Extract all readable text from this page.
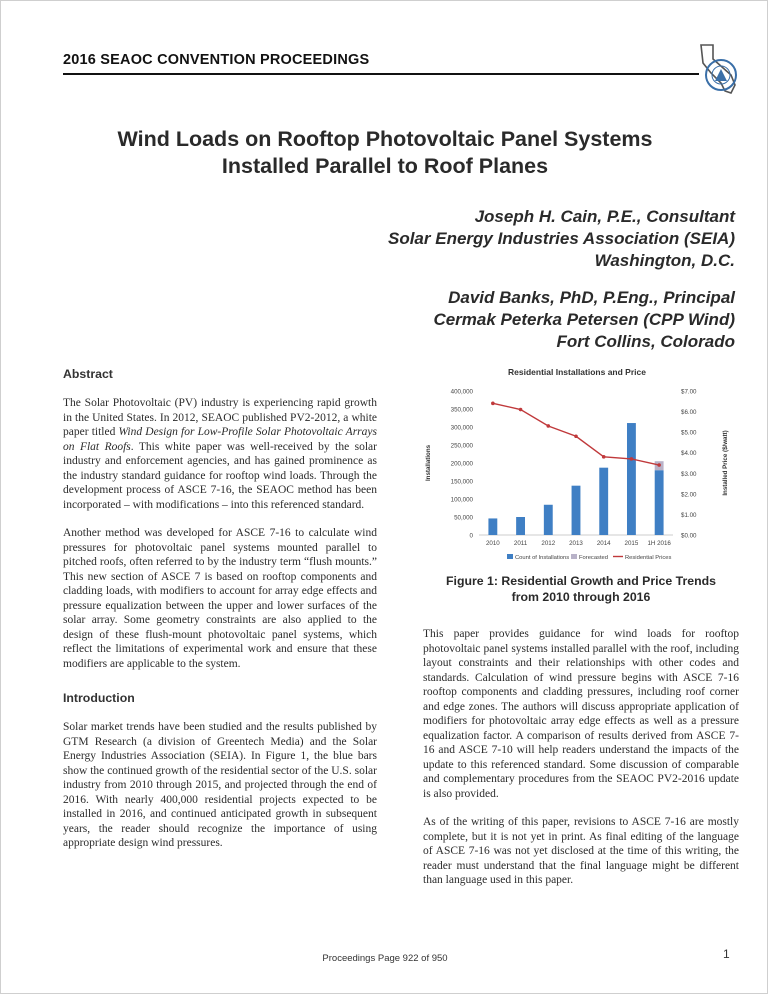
2016 SEAOC CONVENTION PROCEEDINGS
Wind Loads on Rooftop Photovoltaic Panel Systems
Installed Parallel to Roof Planes
Joseph H. Cain, P.E., Consultant
Solar Energy Industries Association (SEIA)
Washington, D.C.
David Banks, PhD, P.Eng., Principal
Cermak Peterka Petersen (CPP Wind)
Fort Collins, Colorado
Abstract

The Solar Photovoltaic (PV) industry is experiencing rapid growth in the United States. In 2012, SEAOC published PV2-2012, a white paper titled Wind Design for Low-Profile Solar Photovoltaic Arrays on Flat Roofs. This white paper was well-received by the solar industry and enforcement agencies, and has gained prominence as the industry standard guidance for rooftop wind loads. Through the development process of ASCE 7-16, the SEAOC method has been incorporated – with modifications – into this referenced standard.

Another method was developed for ASCE 7-16 to calculate wind pressures for photovoltaic panel systems mounted parallel to pitched roofs, often referred to by the industry term “flush mounts.” This new section of ASCE 7 is based on rooftop components and cladding loads, with modifiers to account for array edge effects and pressure equalization between the upper and lower surfaces of the solar array. Some geometry constraints are also applied to the design of these flush-mount photovoltaic panel systems, which reflect the limitations of experimental work and ensure that these modifiers are applicable to the system.

Introduction

Solar market trends have been studied and the results published by GTM Research (a division of Greentech Media) and the Solar Energy Industries Association (SEIA). In Figure 1, the blue bars show the continued growth of the residential sector of the U.S. solar industry from 2010 through 2015, and projected through the end of 2016. With nearly 400,000 residential projects expected to be installed in 2016, and continued anticipated growth in subsequent years, the reader should recognize the importance of using appropriate design wind pressures.

Residential Installations and Price
0
50,000
100,000
150,000
200,000
250,000
300,000
350,000
400,000
$0.00
$1.00
$2.00
$3.00
$4.00
$5.00
$6.00
$7.00
Installations	Installed Price ($/watt)
2010 2011 2012 2013 2014 2015 1H 2016
Count of Installations Forecasted	Residential Prices
Figure 1: Residential Growth and Price Trends
from 2010 through 2016

This paper provides guidance for wind loads for rooftop photovoltaic panel systems installed parallel with the roof, including layout constraints and their relationships with other codes and standards. Calculation of wind pressure begins with ASCE 7-16 rooftop components and cladding pressures, including roof corner and edge zones. The authors will discuss appropriate application of modifiers for photovoltaic array edge effects as well as a pressure equalization factor. A comparison of results derived from ASCE 7-16 and ASCE 7-10 will help readers understand the impacts of the update to this referenced standard. Some discussion of comparable and complementary procedures from the SEAOC PV2-2016 update is also provided.

As of the writing of this paper, revisions to ASCE 7-16 are mostly complete, but it is not yet in print. As final editing of the language of ASCE 7-16 was not yet disclosed at the time of this writing, the reader must understand that the final language might be different than language used in this paper.

Proceedings Page 922 of 950	1
